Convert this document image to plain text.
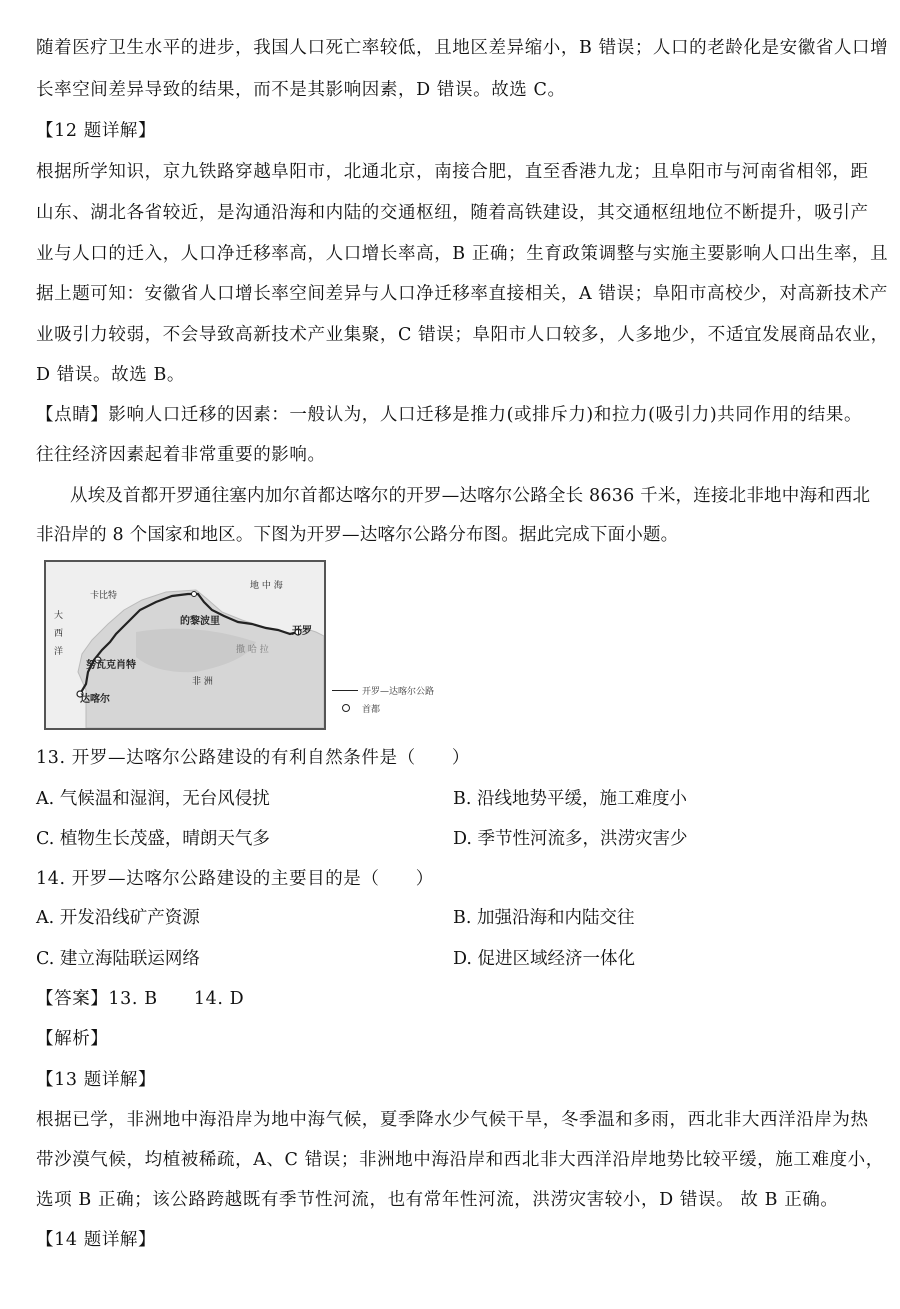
随着医疗卫生水平的进步，我国人口死亡率较低，且地区差异缩小，B 错误；人口的老龄化是安徽省人口增
长率空间差异导致的结果，而不是其影响因素，D 错误。故选 C。
【12 题详解】
根据所学知识，京九铁路穿越阜阳市，北通北京，南接合肥，直至香港九龙；且阜阳市与河南省相邻，距
山东、湖北各省较近，是沟通沿海和内陆的交通枢纽，随着高铁建设，其交通枢纽地位不断提升，吸引产
业与人口的迁入，人口净迁移率高，人口增长率高，B 正确；生育政策调整与实施主要影响人口出生率，且
据上题可知：安徽省人口增长率空间差异与人口净迁移率直接相关，A 错误；阜阳市高校少，对高新技术产
业吸引力较弱，不会导致高新技术产业集聚，C 错误；阜阳市人口较多，人多地少，不适宜发展商品农业，
D 错误。故选 B。
【点睛】影响人口迁移的因素：一般认为，人口迁移是推力(或排斥力)和拉力(吸引力)共同作用的结果。
往往经济因素起着非常重要的影响。
从埃及首都开罗通往塞内加尔首都达喀尔的开罗—达喀尔公路全长 8636 千米，连接北非地中海和西北
非沿岸的 8 个国家和地区。下图为开罗—达喀尔公路分布图。据此完成下面小题。
地 中 海
卡比特
大
西
洋
的黎波里
开罗
努瓦克肖特
达喀尔
非 洲
撒 哈 拉
开罗—达喀尔公路
首都
13. 开罗—达喀尔公路建设的有利自然条件是（　　）
A. 气候温和湿润，无台风侵扰	B. 沿线地势平缓，施工难度小
C. 植物生长茂盛，晴朗天气多	D. 季节性河流多，洪涝灾害少
14. 开罗—达喀尔公路建设的主要目的是（　　）
A. 开发沿线矿产资源	B. 加强沿海和内陆交往
C. 建立海陆联运网络	D. 促进区域经济一体化
【答案】13. B　　14. D
【解析】
【13 题详解】
根据已学，非洲地中海沿岸为地中海气候，夏季降水少气候干旱，冬季温和多雨，西北非大西洋沿岸为热
带沙漠气候，均植被稀疏，A、C 错误；非洲地中海沿岸和西北非大西洋沿岸地势比较平缓，施工难度小，
选项 B 正确；该公路跨越既有季节性河流，也有常年性河流，洪涝灾害较小，D 错误。 故 B 正确。
【14 题详解】
